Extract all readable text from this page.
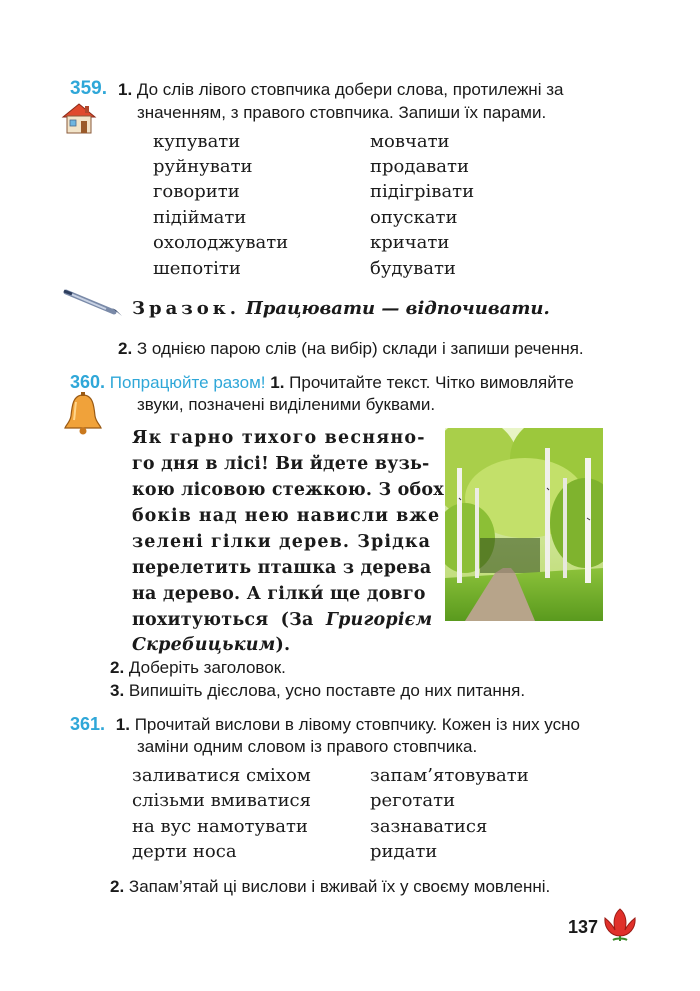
359. 1. До слів лівого стовпчика добери слова, протилежні за
значенням, з правого стовпчика. Запиши їх парами.
купувати
руйнувати
говорити
підіймати
охолоджувати
шепотіти
мовчати
продавати
підігрівати
опускати
кричати
будувати
Зразок. Працювати — відпочивати.
2. З однією парою слів (на вибір) склади і запиши речення.
360. Попрацюйте разом! 1. Прочитайте текст. Чітко вимовляйте
звуки, позначені виділеними буквами.
Як гарно тихого весняно-
го дня в лісі! Ви йдете вузь-
кою лісовою стежкою. З обох
боків над нею нависли вже
зелені гілки дерев. Зрідка
перелетить пташка з дерева
на дерево. А гілки́ ще довго
похитуються (За Григорієм
Скребицьким).
2. Доберіть заголовок.
3. Випишіть дієслова, усно поставте до них питання.
361. 1. Прочитай вислови в лівому стовпчику. Кожен із них усно
заміни одним словом із правого стовпчика.
заливатися сміхом
слізьми вмиватися
на вус намотувати
дерти носа
запам’ятовувати
реготати
зазнаватися
ридати
2. Запам’ятай ці вислови і вживай їх у своєму мовленні.
137
